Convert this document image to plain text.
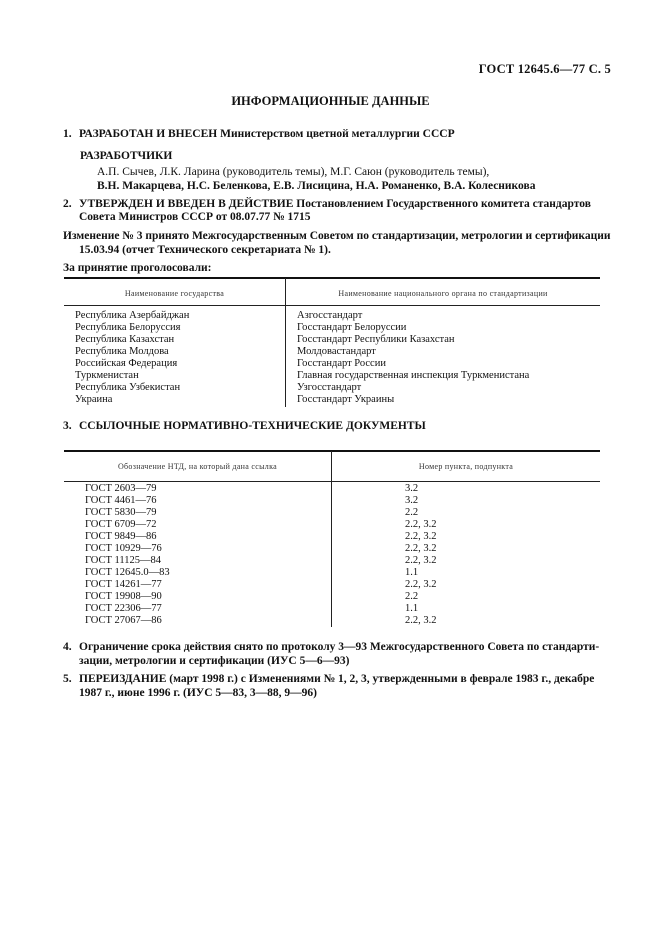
ГОСТ 12645.6—77 С. 5
ИНФОРМАЦИОННЫЕ ДАННЫЕ
1. РАЗРАБОТАН И ВНЕСЕН Министерством цветной металлургии СССР
РАЗРАБОТЧИКИ
А.П. Сычев, Л.К. Ларина (руководитель темы), М.Г. Саюн (руководитель темы),
В.Н. Макарцева, Н.С. Беленкова, Е.В. Лисицина, Н.А. Романенко, В.А. Колесникова
2. УТВЕРЖДЕН И ВВЕДЕН В ДЕЙСТВИЕ Постановлением Государственного комитета стандартов
Совета Министров СССР от 08.07.77 № 1715
Изменение № 3 принято Межгосударственным Советом по стандартизации, метрологии и сертификации
15.03.94 (отчет Технического секретариата № 1).
За принятие проголосовали:
Наименование государства	Наименование национального органа по стандартизации
Республика Азербайджан	Азгосстандарт
Республика Белоруссия	Госстандарт Белоруссии
Республика Казахстан	Госстандарт Республики Казахстан
Республика Молдова	Молдовастандарт
Российская Федерация	Госстандарт России
Туркменистан	Главная государственная инспекция Туркменистана
Республика Узбекистан	Узгосстандарт
Украина	Госстандарт Украины
3. ССЫЛОЧНЫЕ НОРМАТИВНО-ТЕХНИЧЕСКИЕ ДОКУМЕНТЫ
Обозначение НТД, на который дана ссылка	Номер пункта, подпункта
ГОСТ 2603—79	3.2
ГОСТ 4461—76	3.2
ГОСТ 5830—79	2.2
ГОСТ 6709—72	2.2, 3.2
ГОСТ 9849—86	2.2, 3.2
ГОСТ 10929—76	2.2, 3.2
ГОСТ 11125—84	2.2, 3.2
ГОСТ 12645.0—83	1.1
ГОСТ 14261—77	2.2, 3.2
ГОСТ 19908—90	2.2
ГОСТ 22306—77	1.1
ГОСТ 27067—86	2.2, 3.2
4. Ограничение срока действия снято по протоколу 3—93 Межгосударственного Совета по стандарти-
зации, метрологии и сертификации (ИУС 5—6—93)
5. ПЕРЕИЗДАНИЕ (март 1998 г.) с Изменениями № 1, 2, 3, утвержденными в феврале 1983 г., декабре
1987 г., июне 1996 г. (ИУС 5—83, 3—88, 9—96)
